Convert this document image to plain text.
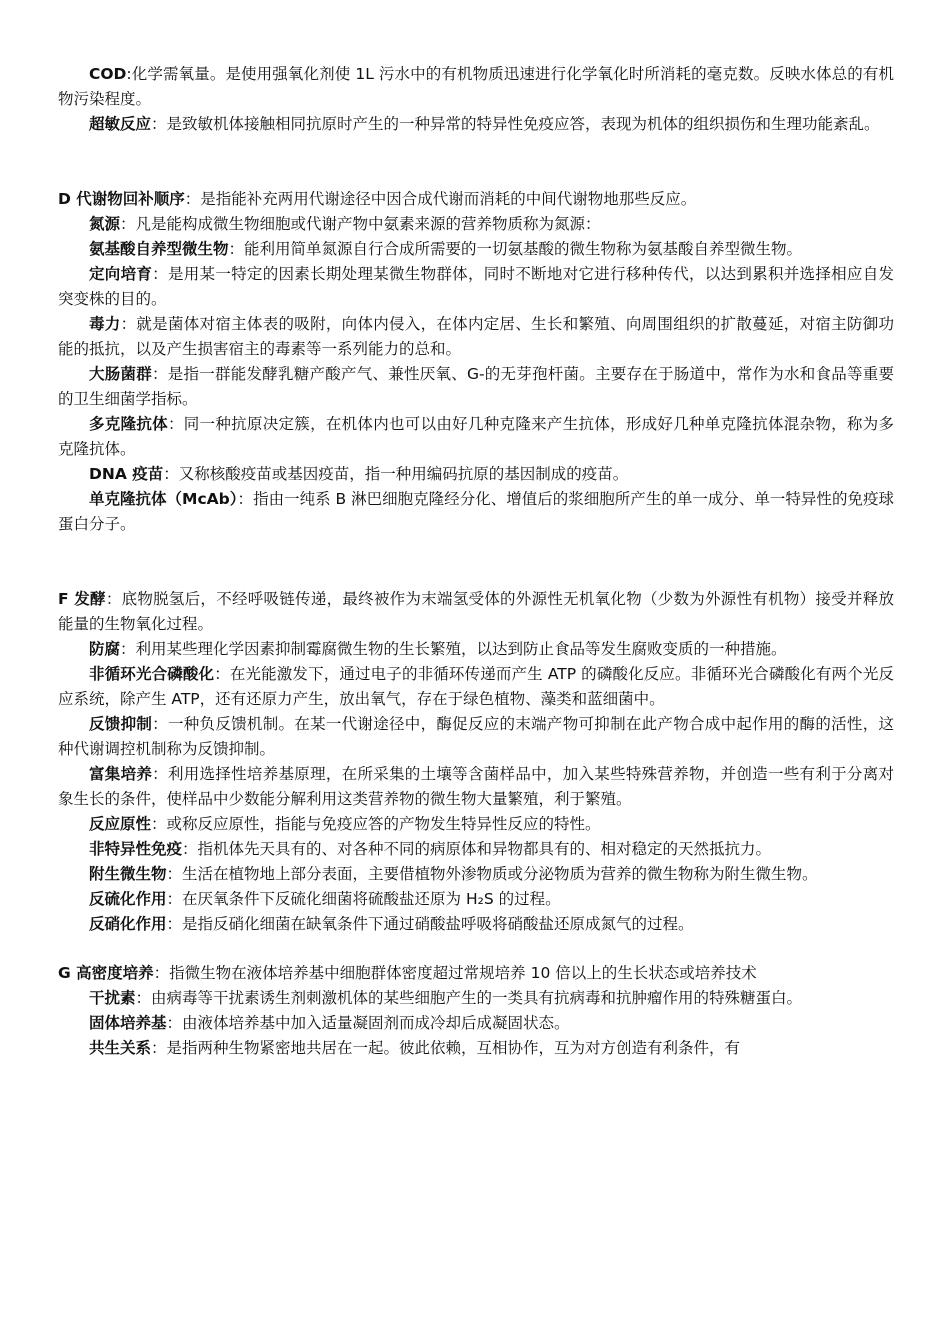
COD:化学需氧量。是使用强氧化剂使 1L 污水中的有机物质迅速进行化学氧化时所消耗的毫克数。反映水体总的有机物污染程度。

超敏反应：是致敏机体接触相同抗原时产生的一种异常的特异性免疫应答，表现为机体的组织损伤和生理功能紊乱。

D 代谢物回补顺序：是指能补充两用代谢途径中因合成代谢而消耗的中间代谢物地那些反应。

氮源：凡是能构成微生物细胞或代谢产物中氨素来源的营养物质称为氮源：

氨基酸自养型微生物：能利用简单氮源自行合成所需要的一切氨基酸的微生物称为氨基酸自养型微生物。

定向培育：是用某一特定的因素长期处理某微生物群体，同时不断地对它进行移种传代，以达到累积并选择相应自发突变株的目的。

毒力：就是菌体对宿主体表的吸附，向体内侵入，在体内定居、生长和繁殖、向周围组织的扩散蔓延，对宿主防御功能的抵抗，以及产生损害宿主的毒素等一系列能力的总和。

大肠菌群：是指一群能发酵乳糖产酸产气、兼性厌氧、G-的无芽孢杆菌。主要存在于肠道中，常作为水和食品等重要的卫生细菌学指标。

多克隆抗体：同一种抗原决定簇，在机体内也可以由好几种克隆来产生抗体，形成好几种单克隆抗体混杂物，称为多克隆抗体。

DNA 疫苗：又称核酸疫苗或基因疫苗，指一种用编码抗原的基因制成的疫苗。

单克隆抗体（McAb）：指由一纯系 B 淋巴细胞克隆经分化、增值后的浆细胞所产生的单一成分、单一特异性的免疫球蛋白分子。

F 发酵：底物脱氢后，不经呼吸链传递，最终被作为末端氢受体的外源性无机氧化物（少数为外源性有机物）接受并释放能量的生物氧化过程。

防腐：利用某些理化学因素抑制霉腐微生物的生长繁殖，以达到防止食品等发生腐败变质的一种措施。

非循环光合磷酸化：在光能激发下，通过电子的非循环传递而产生 ATP 的磷酸化反应。非循环光合磷酸化有两个光反应系统，除产生 ATP，还有还原力产生，放出氧气，存在于绿色植物、藻类和蓝细菌中。

反馈抑制：一种负反馈机制。在某一代谢途径中，酶促反应的末端产物可抑制在此产物合成中起作用的酶的活性，这种代谢调控机制称为反馈抑制。

富集培养：利用选择性培养基原理，在所采集的土壤等含菌样品中，加入某些特殊营养物，并创造一些有利于分离对象生长的条件，使样品中少数能分解利用这类营养物的微生物大量繁殖，利于繁殖。

反应原性：或称反应原性，指能与免疫应答的产物发生特异性反应的特性。

非特异性免疫：指机体先天具有的、对各种不同的病原体和异物都具有的、相对稳定的天然抵抗力。

附生微生物：生活在植物地上部分表面，主要借植物外渗物质或分泌物质为营养的微生物称为附生微生物。

反硫化作用：在厌氧条件下反硫化细菌将硫酸盐还原为 H₂S 的过程。

反硝化作用：是指反硝化细菌在缺氧条件下通过硝酸盐呼吸将硝酸盐还原成氮气的过程。

G 高密度培养：指微生物在液体培养基中细胞群体密度超过常规培养 10 倍以上的生长状态或培养技术

干扰素：由病毒等干扰素诱生剂刺激机体的某些细胞产生的一类具有抗病毒和抗肿瘤作用的特殊糖蛋白。

固体培养基：由液体培养基中加入适量凝固剂而成冷却后成凝固状态。

共生关系：是指两种生物紧密地共居在一起。彼此依赖，互相协作，互为对方创造有利条件，有
